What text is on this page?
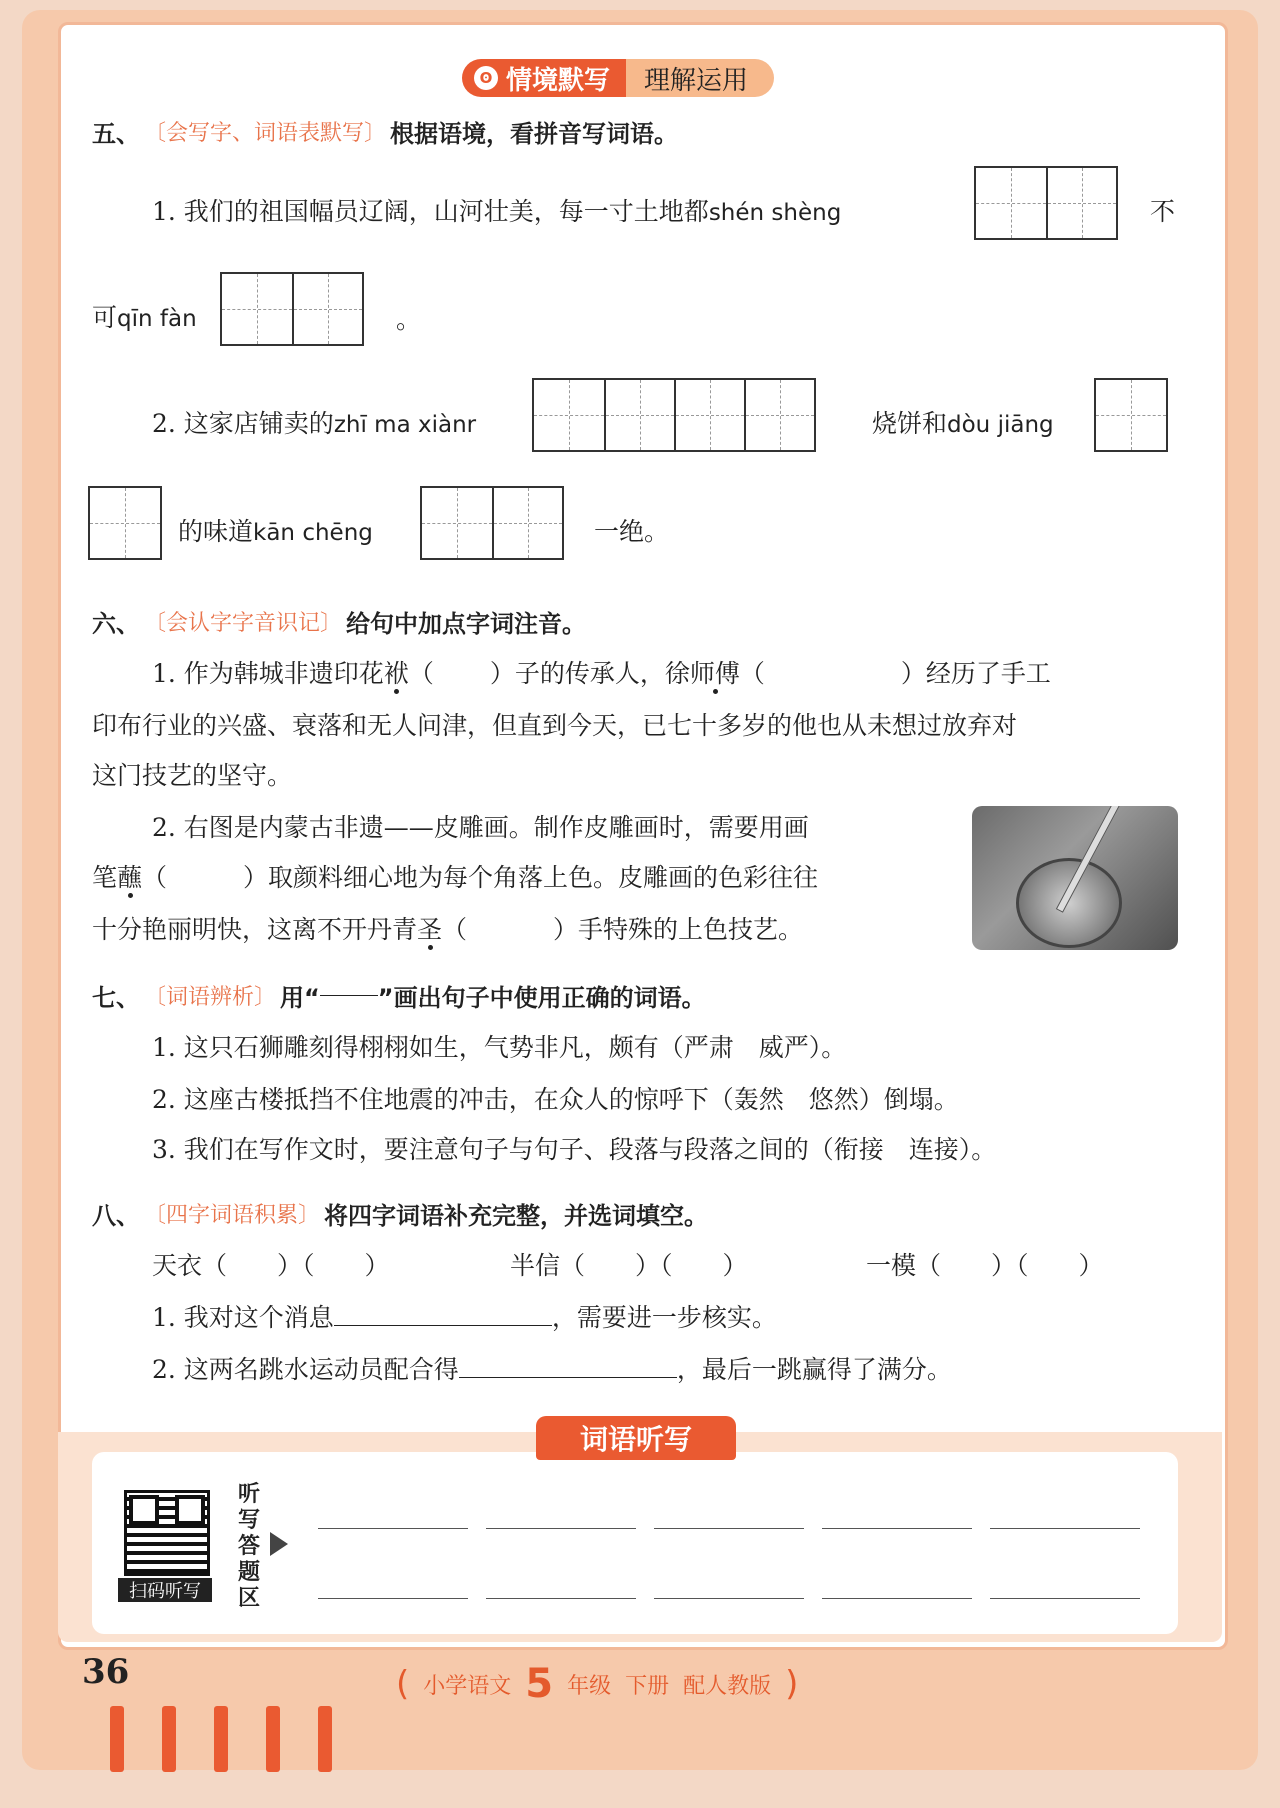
ʘ 情境默写	理解运用
五、 〔会写字、词语表默写〕 根据语境，看拼音写词语。
1. 我们的祖国幅员辽阔，山河壮美，每一寸土地都shén shèng	不
可qīn fàn	。
2. 这家店铺卖的zhī ma xiànr	烧饼和dòu jiāng
的味道kān chēng	一绝。
六、 〔会认字字音识记〕 给句中加点字词注音。
1. 作为韩城非遗印花袱（ ）子的传承人，徐师傅（	）经历了手工
印布行业的兴盛、衰落和无人问津，但直到今天，已七十多岁的他也从未想过放弃对
这门技艺的坚守。
2. 右图是内蒙古非遗——皮雕画。制作皮雕画时，需要用画
笔蘸（	）取颜料细心地为每个角落上色。皮雕画的色彩往往
十分艳丽明快，这离不开丹青圣（	）手特殊的上色技艺。
七、 〔词语辨析〕 用“ ”画出句子中使用正确的词语。
1. 这只石狮雕刻得栩栩如生，气势非凡，颇有（严肃　威严）。
2. 这座古楼抵挡不住地震的冲击，在众人的惊呼下（轰然　悠然）倒塌。
3. 我们在写作文时，要注意句子与句子、段落与段落之间的（衔接　连接）。
八、 〔四字词语积累〕 将四字词语补充完整，并选词填空。
天衣（　　）（　　）	半信（　　）（　　）	一模（　　）（　　）
1. 我对这个消息	，需要进一步核实。
2. 这两名跳水运动员配合得	，最后一跳赢得了满分。
词语听写
扫码听写
听
写
答
题
区
36	( 小学语文 5 年级 下册 配人教版 )
